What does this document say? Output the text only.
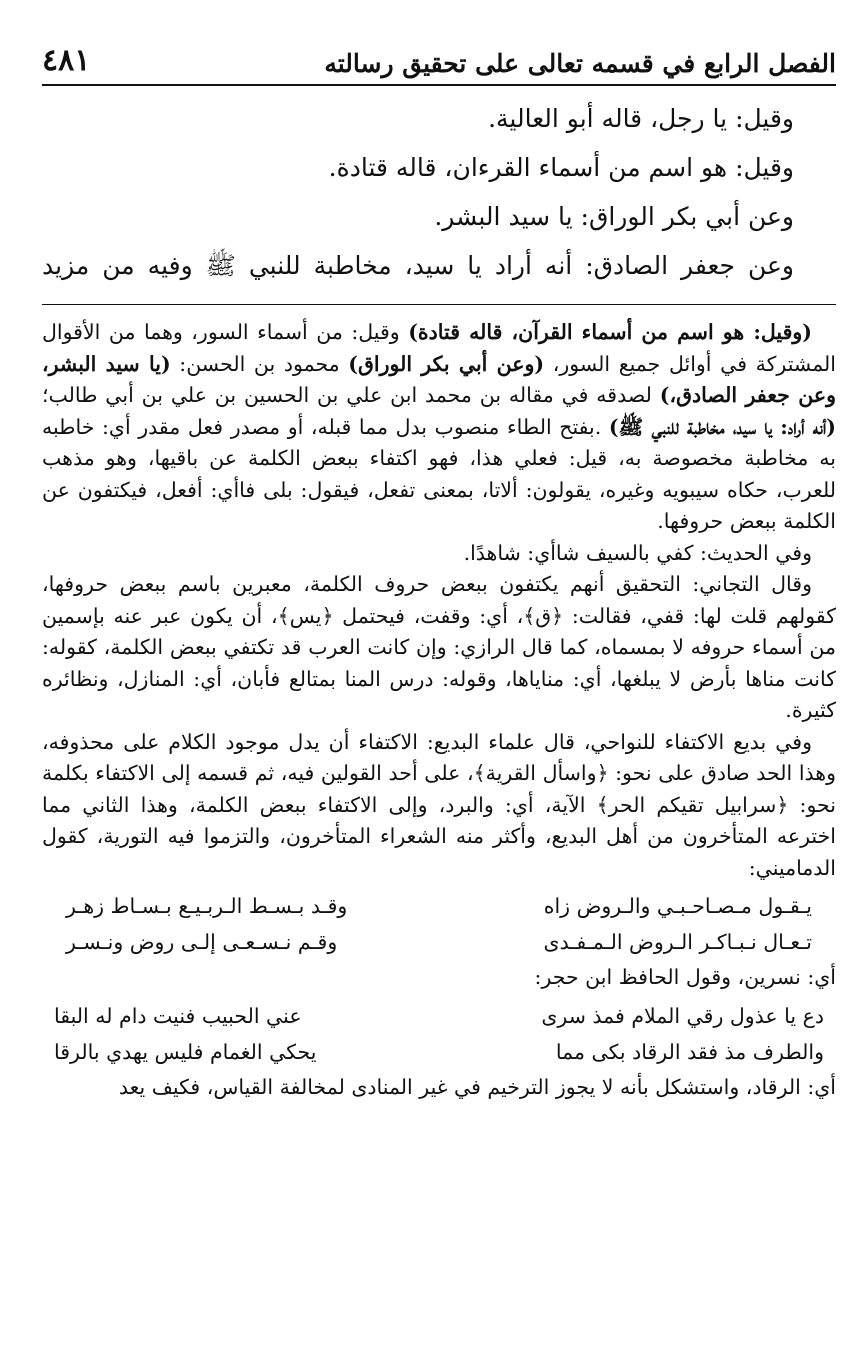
الفصل الرابع في قسمه تعالى على تحقيق رسالته
٤٨١

وقيل: يا رجل، قاله أبو العالية.

وقيل: هو اسم من أسماء القرءان، قاله قتادة.

وعن أبي بكر الوراق: يا سيد البشر.

وعن جعفر الصادق: أنه أراد يا سيد، مخاطبة للنبي ﷺ وفيه من مزيد

(وقيل: هو اسم من أسماء القرآن، قاله قتادة) وقيل: من أسماء السور، وهما من الأقوال المشتركة في أوائل جميع السور، (وعن أبي بكر الوراق) محمود بن الحسن: (يا سيد البشر، وعن جعفر الصادق،) لصدقه في مقاله بن محمد ابن علي بن الحسين بن علي بن أبي طالب؛ (أنه أراد: يا سيد، مخاطبة للنبي ﷺ) .بفتح الطاء منصوب بدل مما قبله، أو مصدر فعل مقدر أي: خاطبه به مخاطبة مخصوصة به، قيل: فعلي هذا، فهو اكتفاء ببعض الكلمة عن باقيها، وهو مذهب للعرب، حكاه سيبويه وغيره، يقولون: ألاتا، بمعنى تفعل، فيقول: بلى فاأي: أفعل، فيكتفون عن الكلمة ببعض حروفها.

وفي الحديث: كفي بالسيف شاأي: شاهدًا.

وقال التجاني: التحقيق أنهم يكتفون ببعض حروف الكلمة، معبرين باسم ببعض حروفها، كقولهم قلت لها: قفي، فقالت: ﴿ق﴾، أي: وقفت، فيحتمل ﴿يس﴾، أن يكون عبر عنه بإسمين من أسماء حروفه لا بمسماه، كما قال الرازي: وإن كانت العرب قد تكتفي ببعض الكلمة، كقوله: كانت مناها بأرض لا يبلغها، أي: مناياها، وقوله: درس المنا بمتالع فأبان، أي: المنازل، ونظائره كثيرة.

وفي بديع الاكتفاء للنواحي، قال علماء البديع: الاكتفاء أن يدل موجود الكلام على محذوفه، وهذا الحد صادق على نحو: ﴿واسأل القرية﴾، على أحد القولين فيه، ثم قسمه إلى الاكتفاء بكلمة نحو: ﴿سرابيل تقيكم الحر﴾ الآية، أي: والبرد، وإلى الاكتفاء ببعض الكلمة، وهذا الثاني مما اخترعه المتأخرون من أهل البديع، وأكثر منه الشعراء المتأخرون، والتزموا فيه التورية، كقول الدماميني:

يـقـول مـصـاحـبـي والـروض زاه
وقـد بـسـط الـربـيـع بـسـاط زهـر
تـعـال نـبـاكـر الـروض الـمـفـدى
وقـم نـسـعـى إلـى روض ونـسـر

أي: نسرين، وقول الحافظ ابن حجر:

دع يا عذول رقي الملام فمذ سرى
عني الحبيب فنيت دام له البقا
والطرف مذ فقد الرقاد بكى مما
يحكي الغمام فليس يهدي بالرقا

أي: الرقاد، واستشكل بأنه لا يجوز الترخيم في غير المنادى لمخالفة القياس، فكيف يعد
